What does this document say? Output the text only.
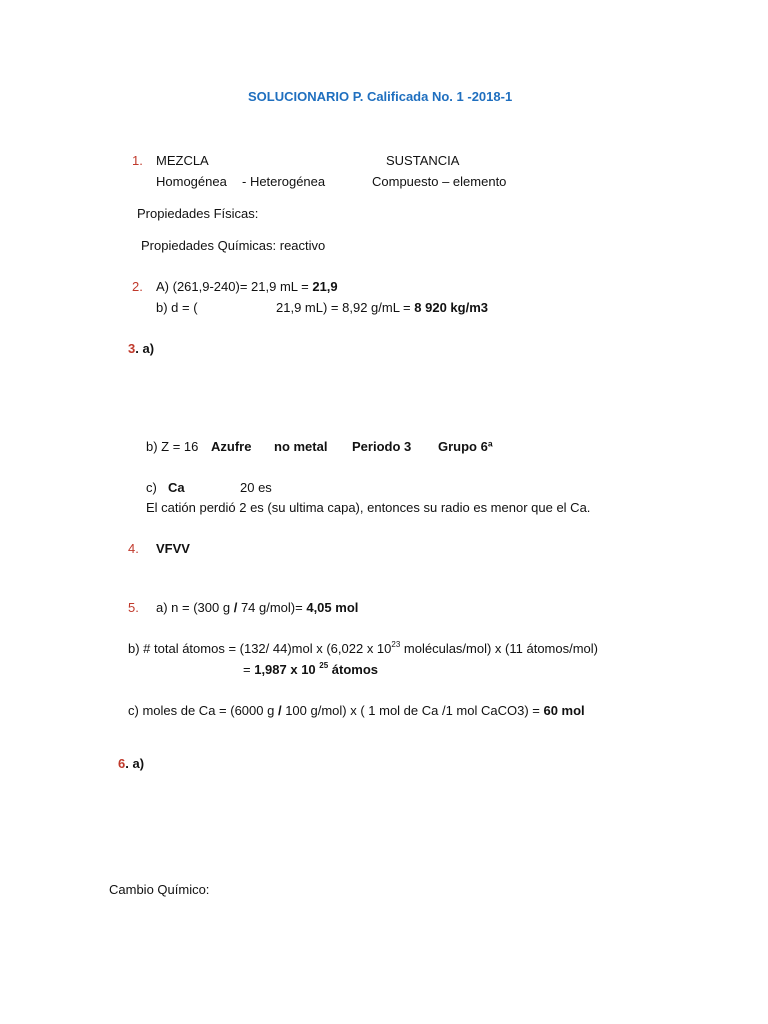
SOLUCIONARIO P. Calificada No. 1 -2018-1
1. MEZCLA	SUSTANCIA
Homogénea - Heterogénea	Compuesto – elemento
Propiedades Físicas:
Propiedades Químicas: reactivo
2. A) (261,9-240)= 21,9 mL = 21,9
b) d = (	21,9 mL) = 8,92 g/mL = 8 920 kg/m3
3. a)
b) Z = 16 Azufre no metal Periodo 3 Grupo 6ª
c) Ca	20 es
El catión perdió 2 es (su ultima capa), entonces su radio es menor que el Ca.
4. VFVV
5. a) n = (300 g / 74 g/mol)= 4,05 mol
b) # total átomos = (132/ 44)mol x (6,022 x $10^{23}$ moléculas/mol) x (11 átomos/mol)
= 1,987 x 10 $^{25}$ átomos
c) moles de Ca = (6000 g / 100 g/mol) x ( 1 mol de Ca /1 mol CaCO3) = 60 mol
6. a)
Cambio Químico:
